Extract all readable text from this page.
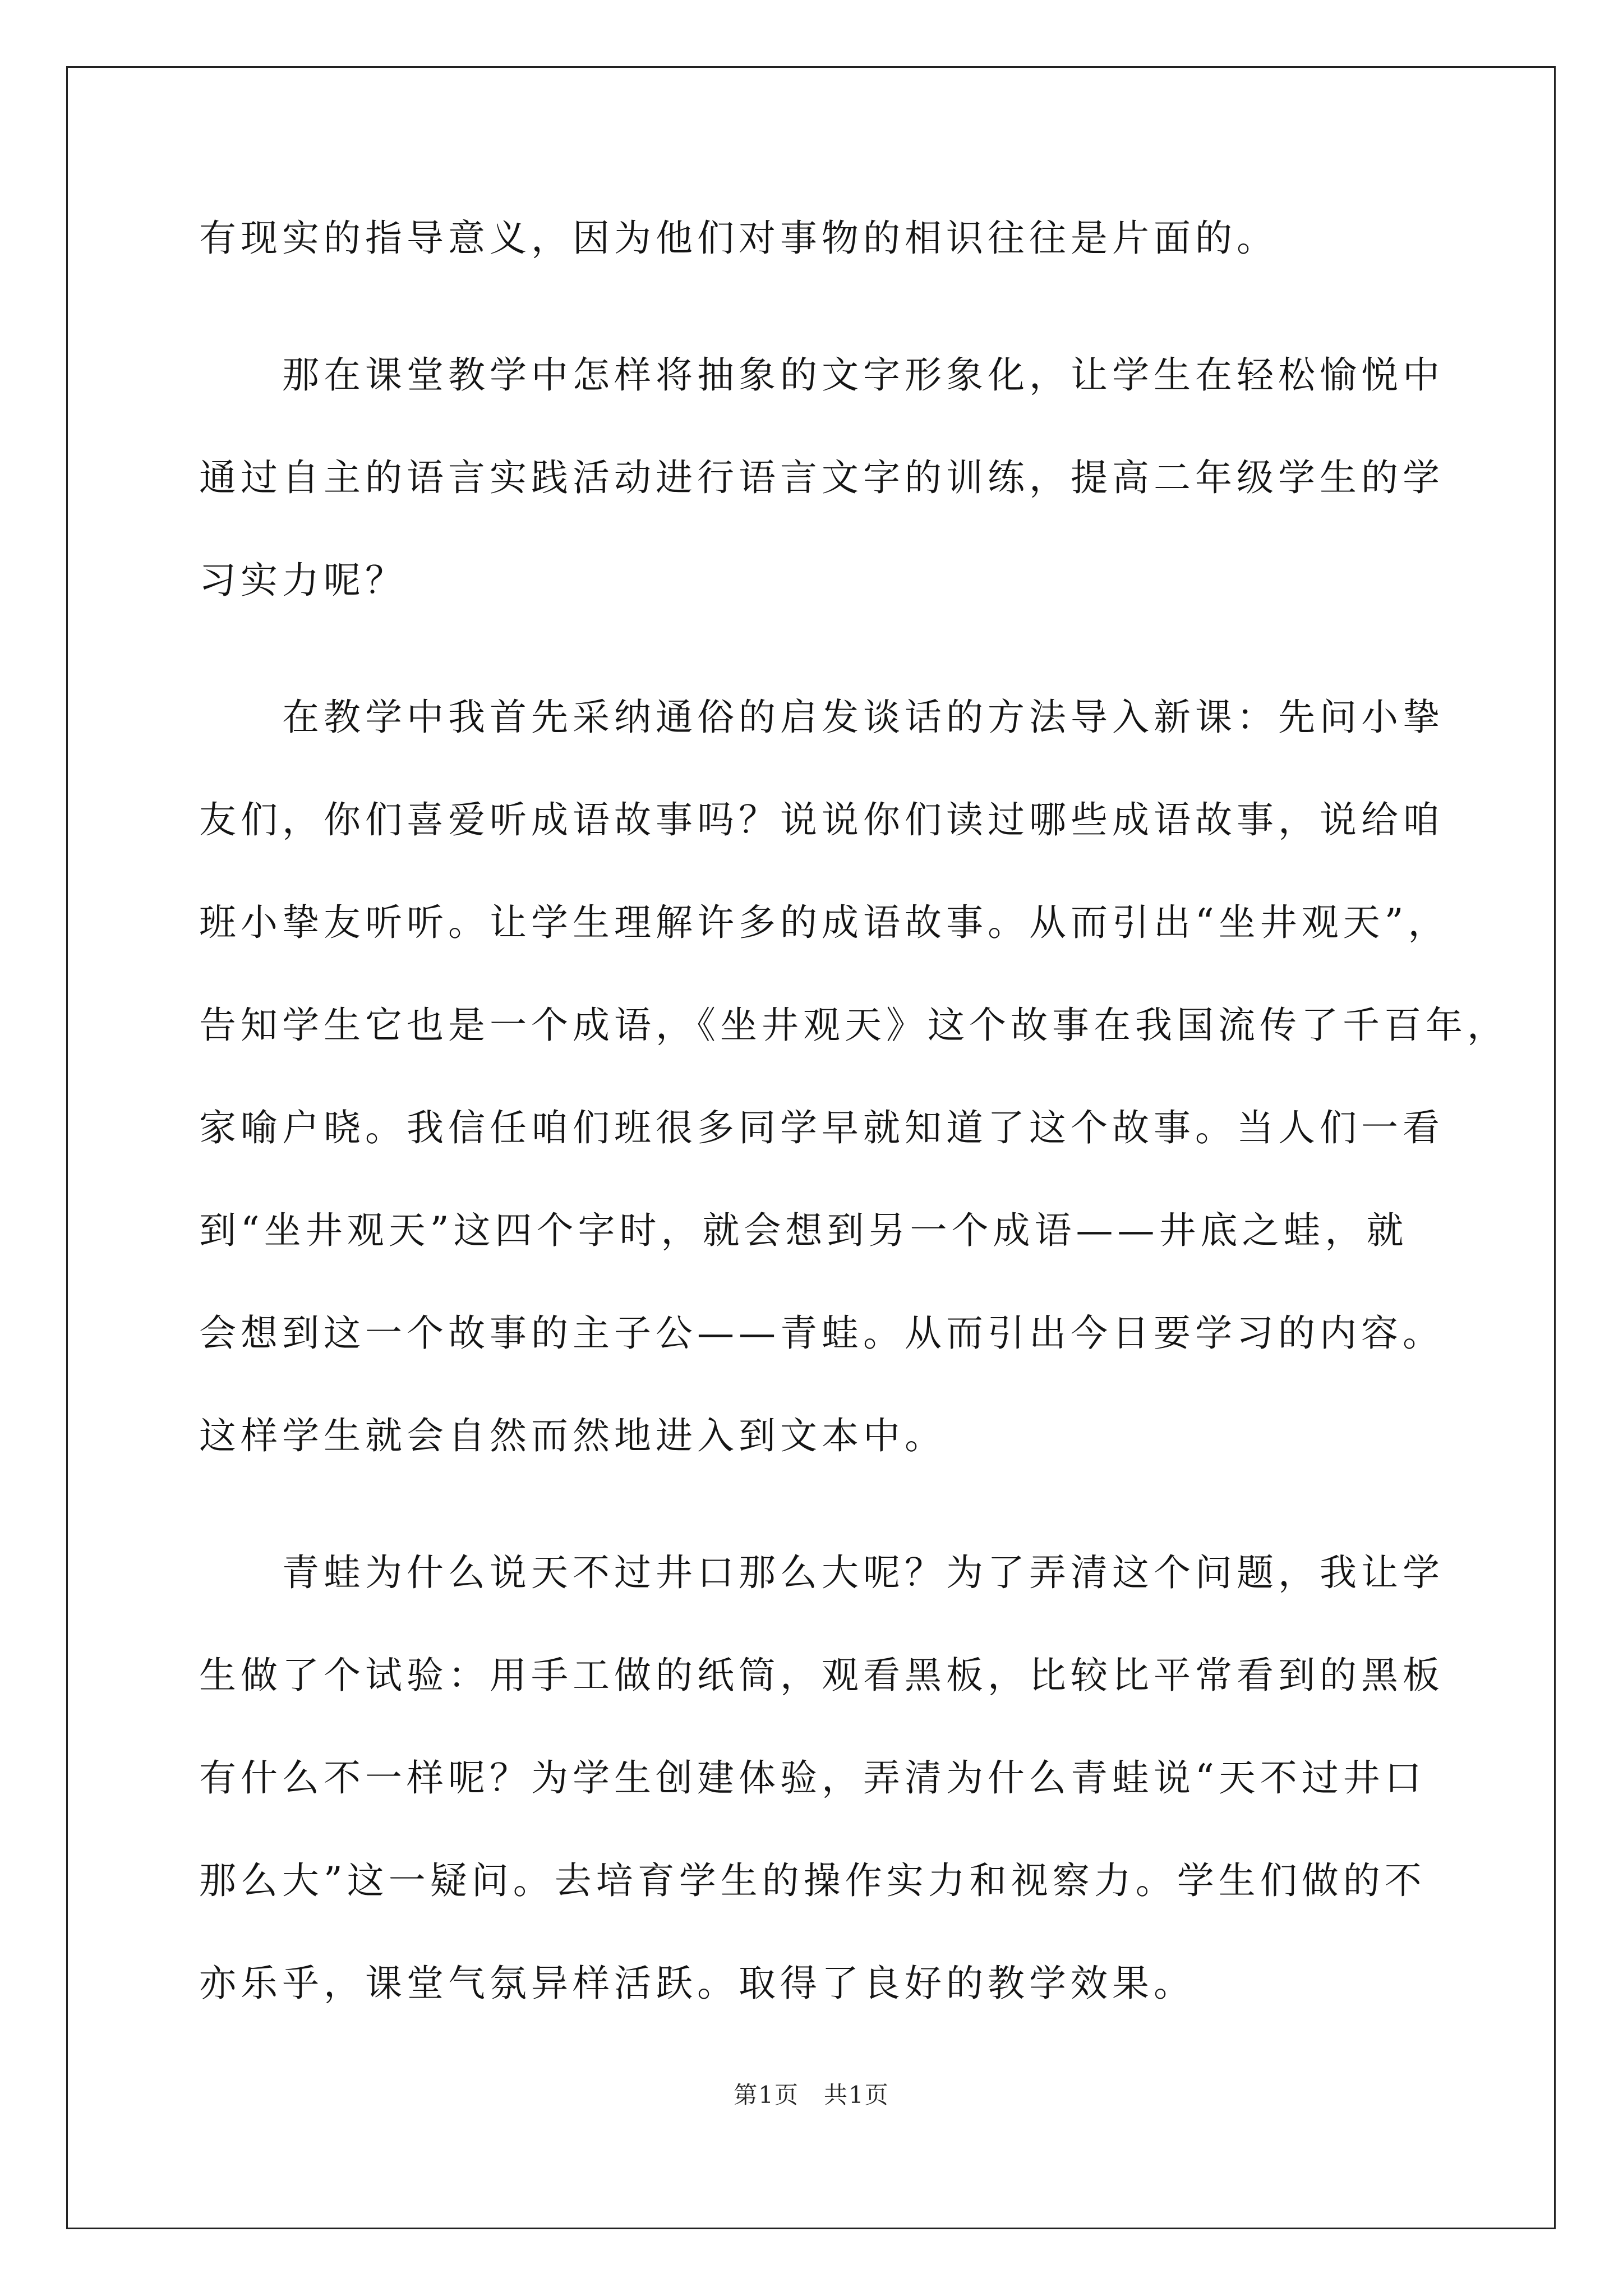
有现实的指导意义，因为他们对事物的相识往往是片面的。
那在课堂教学中怎样将抽象的文字形象化，让学生在轻松愉悦中
通过自主的语言实践活动进行语言文字的训练，提高二年级学生的学
习实力呢？
在教学中我首先采纳通俗的启发谈话的方法导入新课：先问小挚
友们，你们喜爱听成语故事吗？说说你们读过哪些成语故事，说给咱
班小挚友听听。让学生理解许多的成语故事。从而引出“坐井观天”，
告知学生它也是一个成语，《坐井观天》这个故事在我国流传了千百年，
家喻户晓。我信任咱们班很多同学早就知道了这个故事。当人们一看
到“坐井观天”这四个字时，就会想到另一个成语——井底之蛙，就
会想到这一个故事的主子公——青蛙。从而引出今日要学习的内容。
这样学生就会自然而然地进入到文本中。
青蛙为什么说天不过井口那么大呢？为了弄清这个问题，我让学
生做了个试验：用手工做的纸筒，观看黑板，比较比平常看到的黑板
有什么不一样呢？为学生创建体验，弄清为什么青蛙说“天不过井口
那么大”这一疑问。去培育学生的操作实力和视察力。学生们做的不
亦乐乎，课堂气氛异样活跃。取得了良好的教学效果。
第1页 共1页
